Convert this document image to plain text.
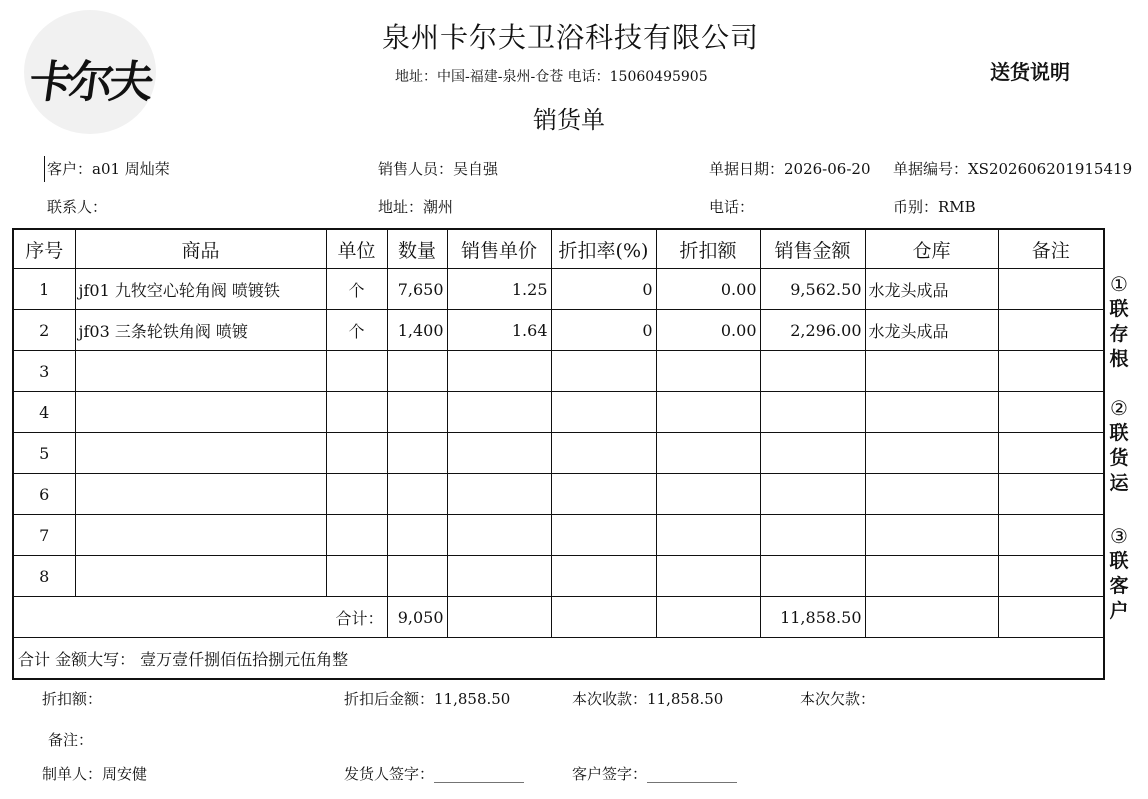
卡尔夫
泉州卡尔夫卫浴科技有限公司
地址：中国-福建-泉州-仓苍 电话：15060495905
销货单
送货说明
客户：a01 周灿荣	销售人员：吴自强	单据日期：2026-06-20 单据编号：XS202606201915419
联系人：	地址：潮州	电话：	币别：RMB
序号	商品	单位	数量	销售单价	折扣率(%)	折扣额	销售金额	仓库	备注
1	jf01 九牧空心轮角阀 喷镀铁	个	7,650	1.25	0	0.00	9,562.50	水龙头成品	
2	jf03 三条轮铁角阀 喷镀	个	1,400	1.64	0	0.00	2,296.00	水龙头成品	
3									
4									
5									
6									
7									
8									
合计：			9,050				11,858.50		
合计 金额大写： 壹万壹仟捌佰伍拾捌元伍角整									
①
联
存
根
②
联
货
运
③
联
客
户
折扣额：	折扣后金额：11,858.50	本次收款：11,858.50	本次欠款：
备注：
制单人：周安健	发货人签字：____________	客户签字：____________
